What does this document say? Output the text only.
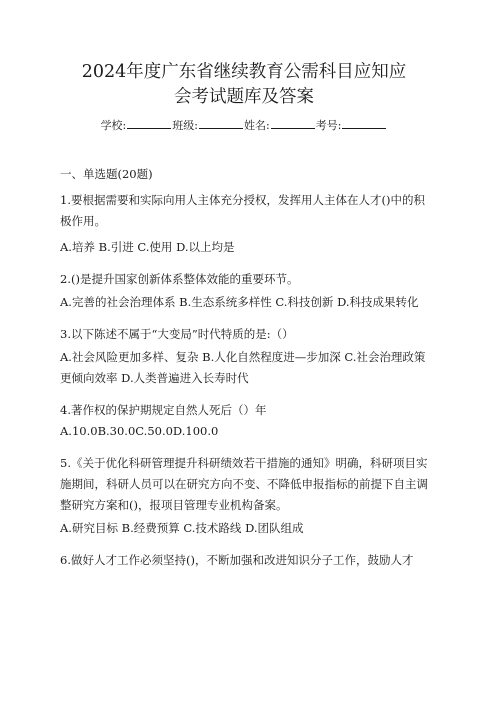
2024年度广东省继续教育公需科目应知应
会考试题库及答案
学校:	班级:	姓名:	考号:
一、单选题(20题)

1.要根据需要和实际向用人主体充分授权，发挥用人主体在人才()中的积极作用。

A.培养 B.引进 C.使用 D.以上均是

2.()是提升国家创新体系整体效能的重要环节。

A.完善的社会治理体系 B.生态系统多样性 C.科技创新 D.科技成果转化

3.以下陈述不属于“大变局”时代特质的是:（）

A.社会风险更加多样、复杂 B.人化自然程度进—步加深 C.社会治理政策更倾向效率 D.人类普遍进入长寿时代

4.著作权的保护期规定自然人死后（）年

A.10.0B.30.0C.50.0D.100.0

5.《关于优化科研管理提升科研绩效若干措施的通知》明确，科研项目实施期间，科研人员可以在研究方向不变、不降低申报指标的前提下自主调整研究方案和()，报项目管理专业机构备案。

A.研究目标 B.经费预算 C.技术路线 D.团队组成

6.做好人才工作必须坚持()，不断加强和改进知识分子工作，鼓励人才
